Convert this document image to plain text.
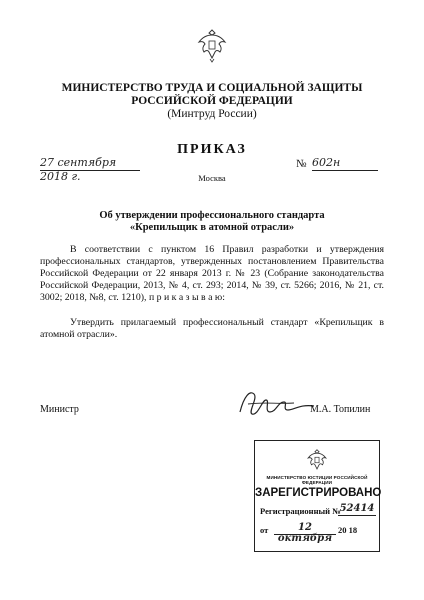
МИНИСТЕРСТВО ТРУДА И СОЦИАЛЬНОЙ ЗАЩИТЫ
РОССИЙСКОЙ ФЕДЕРАЦИИ
(Минтруд России)
ПРИКАЗ
27 сентября 2018 г.
№ 602н
Москва
Об утверждении профессионального стандарта
«Крепильщик в атомной отрасли»

В соответствии с пунктом 16 Правил разработки и утверждения профессиональных стандартов, утвержденных постановлением Правительства Российской Федерации от 22 января 2013 г. № 23 (Собрание законодательства Российской Федерации, 2013, № 4, ст. 293; 2014, № 39, ст. 5266; 2016, № 21, ст. 3002; 2018, №8, ст. 1210), п р и к а з ы в а ю:

Утвердить прилагаемый профессиональный стандарт «Крепильщик в атомной отрасли».

Министр	М.А. Топилин
МИНИСТЕРСТВО ЮСТИЦИИ РОССИЙСКОЙ ФЕДЕРАЦИИ
ЗАРЕГИСТРИРОВАНО
Регистрационный №
52414
от	12 октября
20 18
